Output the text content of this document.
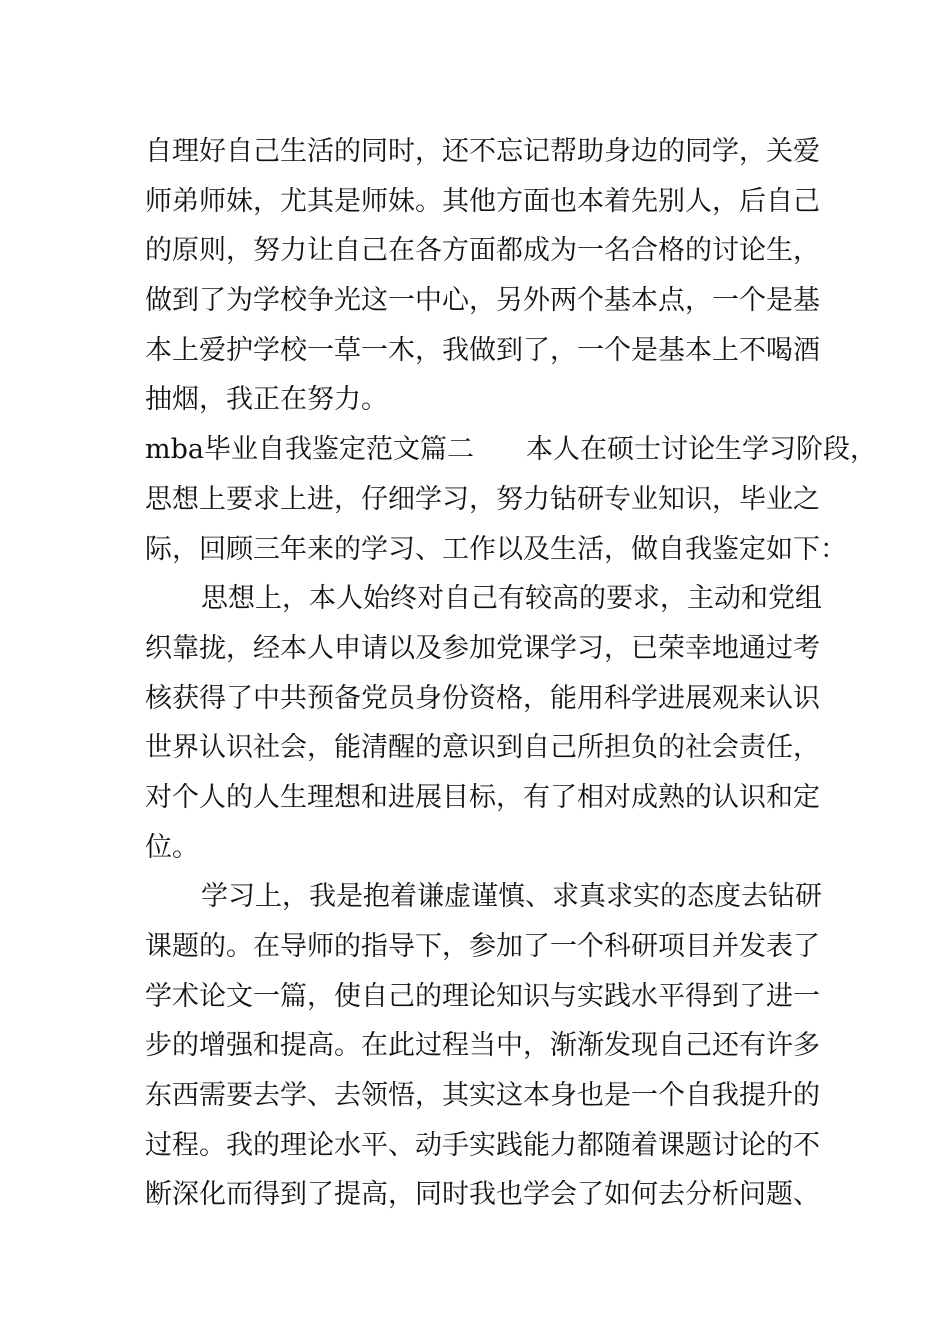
自理好自己生活的同时，还不忘记帮助身边的同学，关爱
师弟师妹，尤其是师妹。其他方面也本着先别人，后自己
的原则，努力让自己在各方面都成为一名合格的讨论生，
做到了为学校争光这一中心，另外两个基本点，一个是基
本上爱护学校一草一木，我做到了，一个是基本上不喝酒
抽烟，我正在努力。
mba毕业自我鉴定范文篇二 本人在硕士讨论生学习阶段，
思想上要求上进，仔细学习，努力钻研专业知识，毕业之
际，回顾三年来的学习、工作以及生活，做自我鉴定如下：
思想上，本人始终对自己有较高的要求，主动和党组
织靠拢，经本人申请以及参加党课学习，已荣幸地通过考
核获得了中共预备党员身份资格，能用科学进展观来认识
世界认识社会，能清醒的意识到自己所担负的社会责任，
对个人的人生理想和进展目标，有了相对成熟的认识和定
位。
学习上，我是抱着谦虚谨慎、求真求实的态度去钻研
课题的。在导师的指导下，参加了一个科研项目并发表了
学术论文一篇，使自己的理论知识与实践水平得到了进一
步的增强和提高。在此过程当中，渐渐发现自己还有许多
东西需要去学、去领悟，其实这本身也是一个自我提升的
过程。我的理论水平、动手实践能力都随着课题讨论的不
断深化而得到了提高，同时我也学会了如何去分析问题、
